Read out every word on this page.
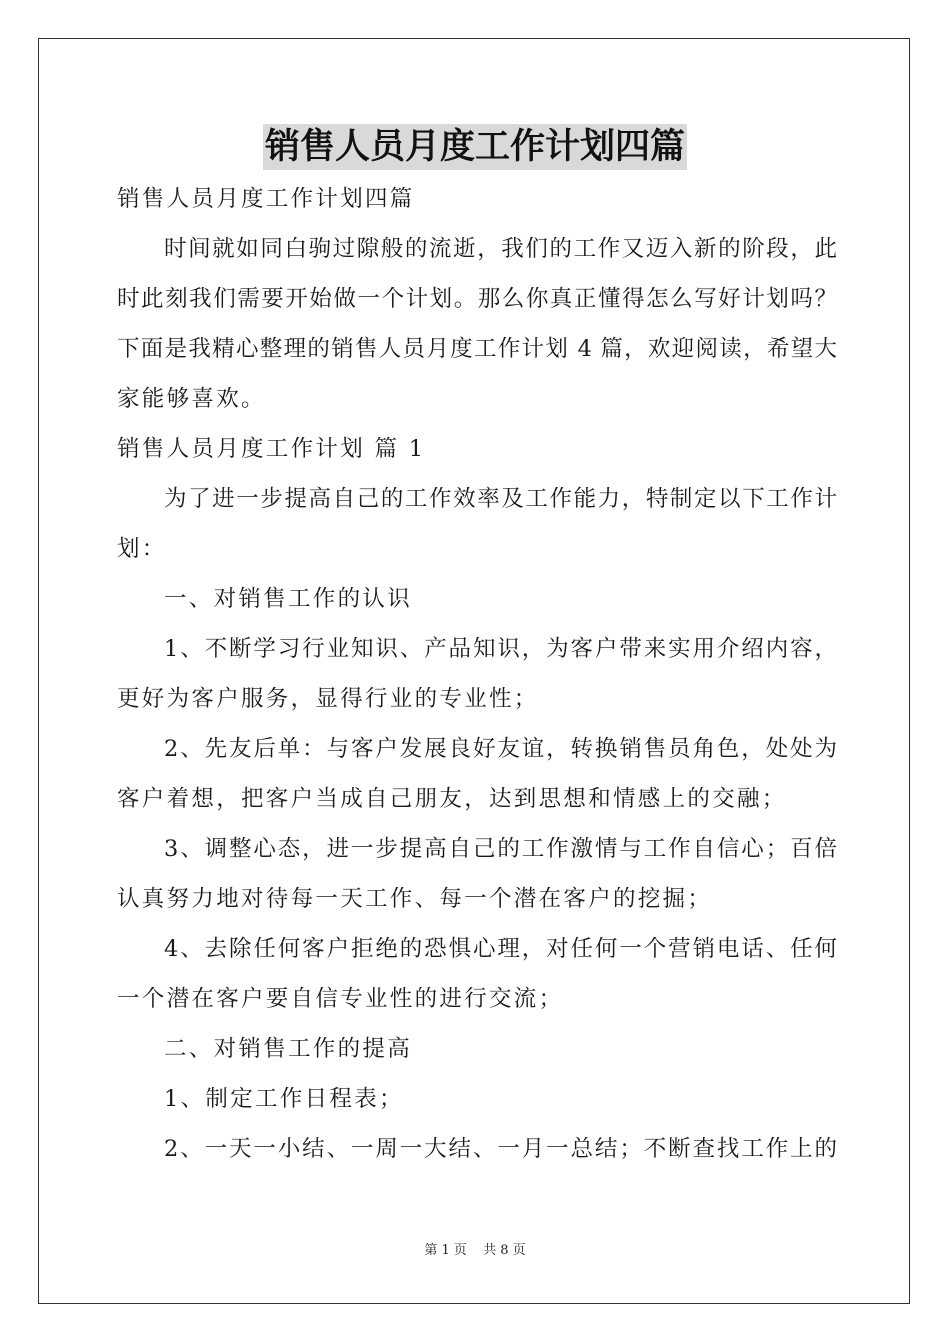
销售人员月度工作计划四篇
销售人员月度工作计划四篇
时间就如同白驹过隙般的流逝，我们的工作又迈入新的阶段，此
时此刻我们需要开始做一个计划。那么你真正懂得怎么写好计划吗？
下面是我精心整理的销售人员月度工作计划 4 篇，欢迎阅读，希望大
家能够喜欢。
销售人员月度工作计划 篇 1
为了进一步提高自己的工作效率及工作能力，特制定以下工作计
划：
一、对销售工作的认识
1、不断学习行业知识、产品知识，为客户带来实用介绍内容，
更好为客户服务，显得行业的专业性；
2、先友后单：与客户发展良好友谊，转换销售员角色，处处为
客户着想，把客户当成自己朋友，达到思想和情感上的交融；
3、调整心态，进一步提高自己的工作激情与工作自信心；百倍
认真努力地对待每一天工作、每一个潜在客户的挖掘；
4、去除任何客户拒绝的恐惧心理，对任何一个营销电话、任何
一个潜在客户要自信专业性的进行交流；
二、对销售工作的提高
1、制定工作日程表；
2、一天一小结、一周一大结、一月一总结；不断查找工作上的
第 1 页 共 8 页
